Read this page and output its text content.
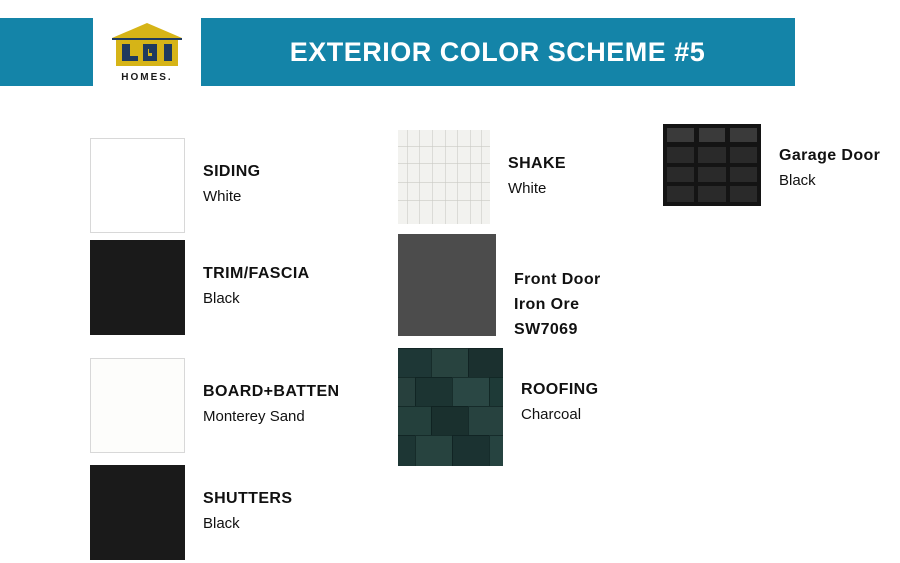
EXTERIOR COLOR SCHEME #5
HOMES.
SIDING
White
TRIM/FASCIA
Black
BOARD+BATTEN
Monterey Sand
SHUTTERS
Black
SHAKE
White
Front Door
Iron Ore
SW7069
ROOFING
Charcoal
Garage Door
Black
